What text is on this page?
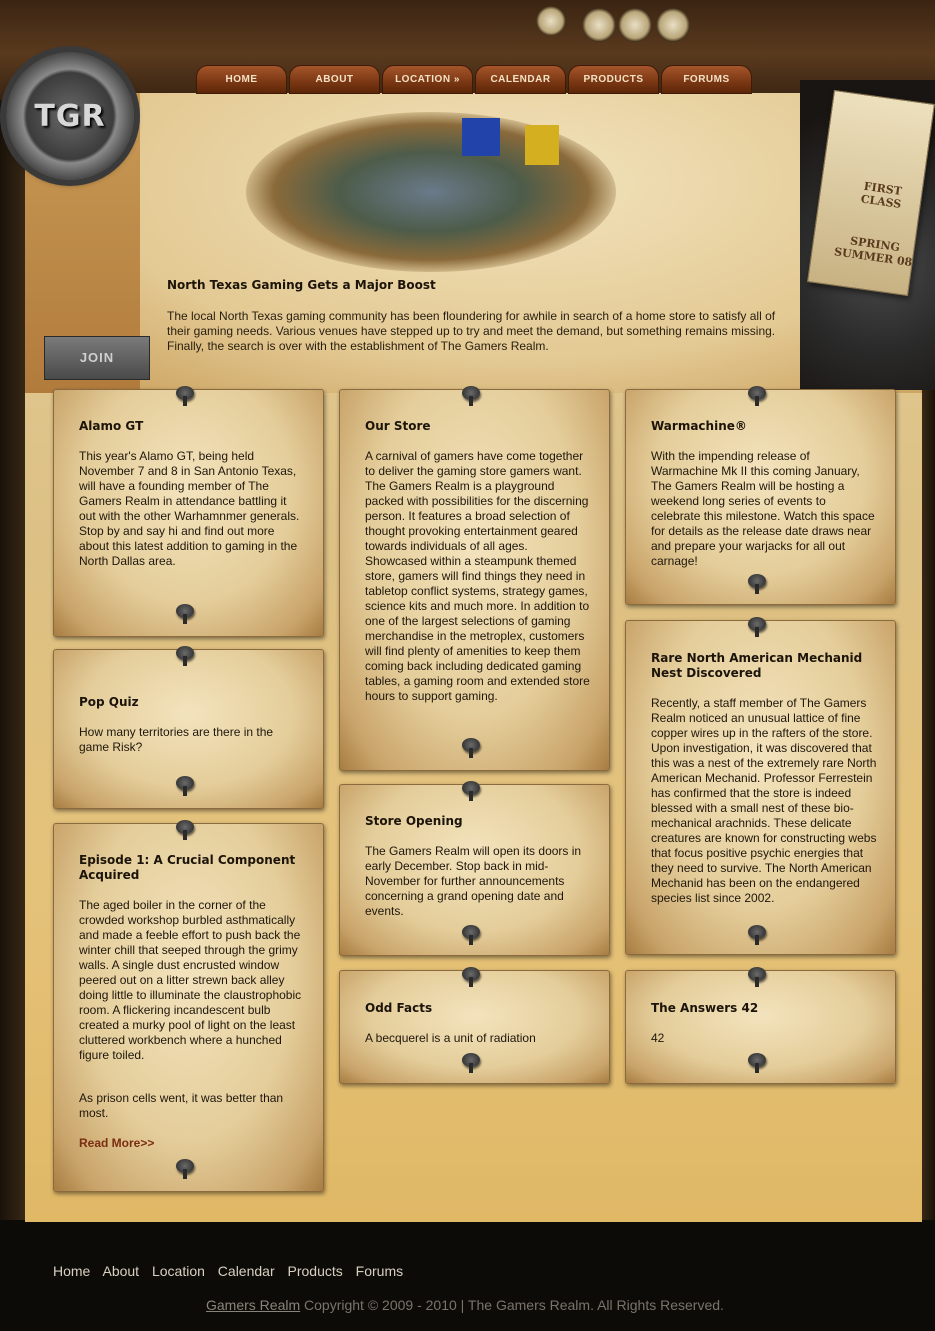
TGR
HOME	ABOUT	LOCATION »	CALENDAR	PRODUCTS	FORUMS
FIRST CLASS
SPRING SUMMER 08
JOIN
North Texas Gaming Gets a Major Boost
The local North Texas gaming community has been floundering for awhile in search of a home store to satisfy all of their gaming needs. Various venues have stepped up to try and meet the demand, but something remains missing. Finally, the search is over with the establishment of The Gamers Realm.
Alamo GT

This year's Alamo GT, being held November 7 and 8 in San Antonio Texas, will have a founding member of The Gamers Realm in attendance battling it out with the other Warhamnmer generals. Stop by and say hi and find out more about this latest addition to gaming in the North Dallas area.

Pop Quiz

How many territories are there in the game Risk?

Episode 1: A Crucial Component Acquired

The aged boiler in the corner of the crowded workshop burbled asthmatically and made a feeble effort to push back the winter chill that seeped through the grimy walls. A single dust encrusted window peered out on a litter strewn back alley doing little to illuminate the claustrophobic room. A flickering incandescent bulb created a murky pool of light on the least cluttered workbench where a hunched figure toiled.

As prison cells went, it was better than most.

Read More>>

Our Store

A carnival of gamers have come together to deliver the gaming store gamers want. The Gamers Realm is a playground packed with possibilities for the discerning person. It features a broad selection of thought provoking entertainment geared towards individuals of all ages. Showcased within a steampunk themed store, gamers will find things they need in tabletop conflict systems, strategy games, science kits and much more. In addition to one of the largest selections of gaming merchandise in the metroplex, customers will find plenty of amenities to keep them coming back including dedicated gaming tables, a gaming room and extended store hours to support gaming.

Store Opening

The Gamers Realm will open its doors in early December. Stop back in mid-November for further announcements concerning a grand opening date and events.

Odd Facts

A becquerel is a unit of radiation

Warmachine®

With the impending release of Warmachine Mk II this coming January, The Gamers Realm will be hosting a weekend long series of events to celebrate this milestone. Watch this space for details as the release date draws near and prepare your warjacks for all out carnage!

Rare North American Mechanid Nest Discovered

Recently, a staff member of The Gamers Realm noticed an unusual lattice of fine copper wires up in the rafters of the store. Upon investigation, it was discovered that this was a nest of the extremely rare North American Mechanid. Professor Ferrestein has confirmed that the store is indeed blessed with a small nest of these bio-mechanical arachnids. These delicate creatures are known for constructing webs that focus positive psychic energies that they need to survive. The North American Mechanid has been on the endangered species list since 2002.

The Answers 42

42

Home About Location Calendar Products Forums
Gamers Realm Copyright © 2009 - 2010 | The Gamers Realm. All Rights Reserved.
